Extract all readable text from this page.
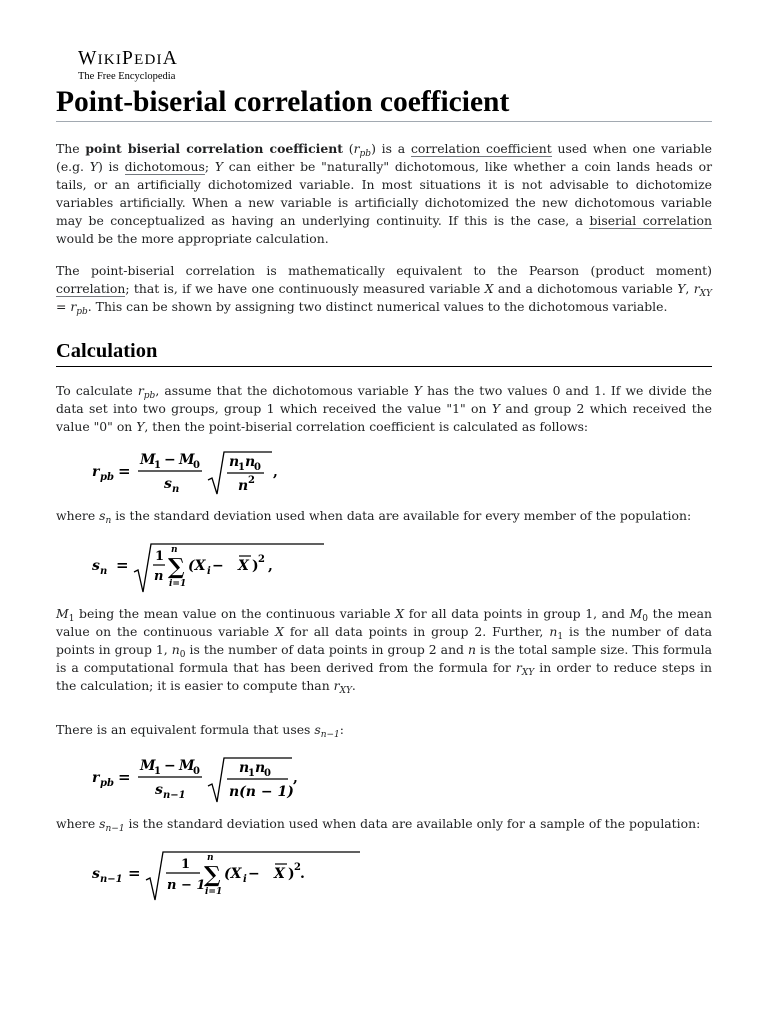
WIKIPEDIA
The Free Encyclopedia
Point-biserial correlation coefficient

The point biserial correlation coefficient $(r_{pb})$ is a correlation coefficient used when one variable (e.g. Y) is dichotomous; Y can either be "naturally" dichotomous, like whether a coin lands heads or tails, or an artificially dichotomized variable. In most situations it is not advisable to dichotomize variables artificially. When a new variable is artificially dichotomized the new dichotomous variable may be conceptualized as having an underlying continuity. If this is the case, a biserial correlation would be the more appropriate calculation.

The point-biserial correlation is mathematically equivalent to the Pearson (product moment) correlation; that is, if we have one continuously measured variable X and a dichotomous variable Y, $r_{XY} = r_{pb}$. This can be shown by assigning two distinct numerical values to the dichotomous variable.

Calculation

To calculate $r_{pb}$, assume that the dichotomous variable Y has the two values 0 and 1. If we divide the data set into two groups, group 1 which received the value "1" on Y and group 2 which received the value "0" on Y, then the point-biserial correlation coefficient is calculated as follows:

r pb =
M
1 − M
0
s n
n
1 n
0
n 2
,

where $s_n$ is the standard deviation used when data are available for every member of the population:

s n = 1
n
n
∑
i=1
(X i − X ) 2 ,

$M_1$ being the mean value on the continuous variable X for all data points in group 1, and $M_0$ the mean value on the continuous variable X for all data points in group 2. Further, $n_1$ is the number of data points in group 1, $n_0$ is the number of data points in group 2 and n is the total sample size. This formula is a computational formula that has been derived from the formula for $r_{XY}$ in order to reduce steps in the calculation; it is easier to compute than $r_{XY}$.

There is an equivalent formula that uses $s_{n-1}$:

r pb =
M
1 − M
0
s n−1
n
1 n
0
n(n − 1)
,

where $s_{n-1}$ is the standard deviation used when data are available only for a sample of the population:

s n−1 =	1
n − 1
n
∑
i=1
(X i − X ) 2 .
